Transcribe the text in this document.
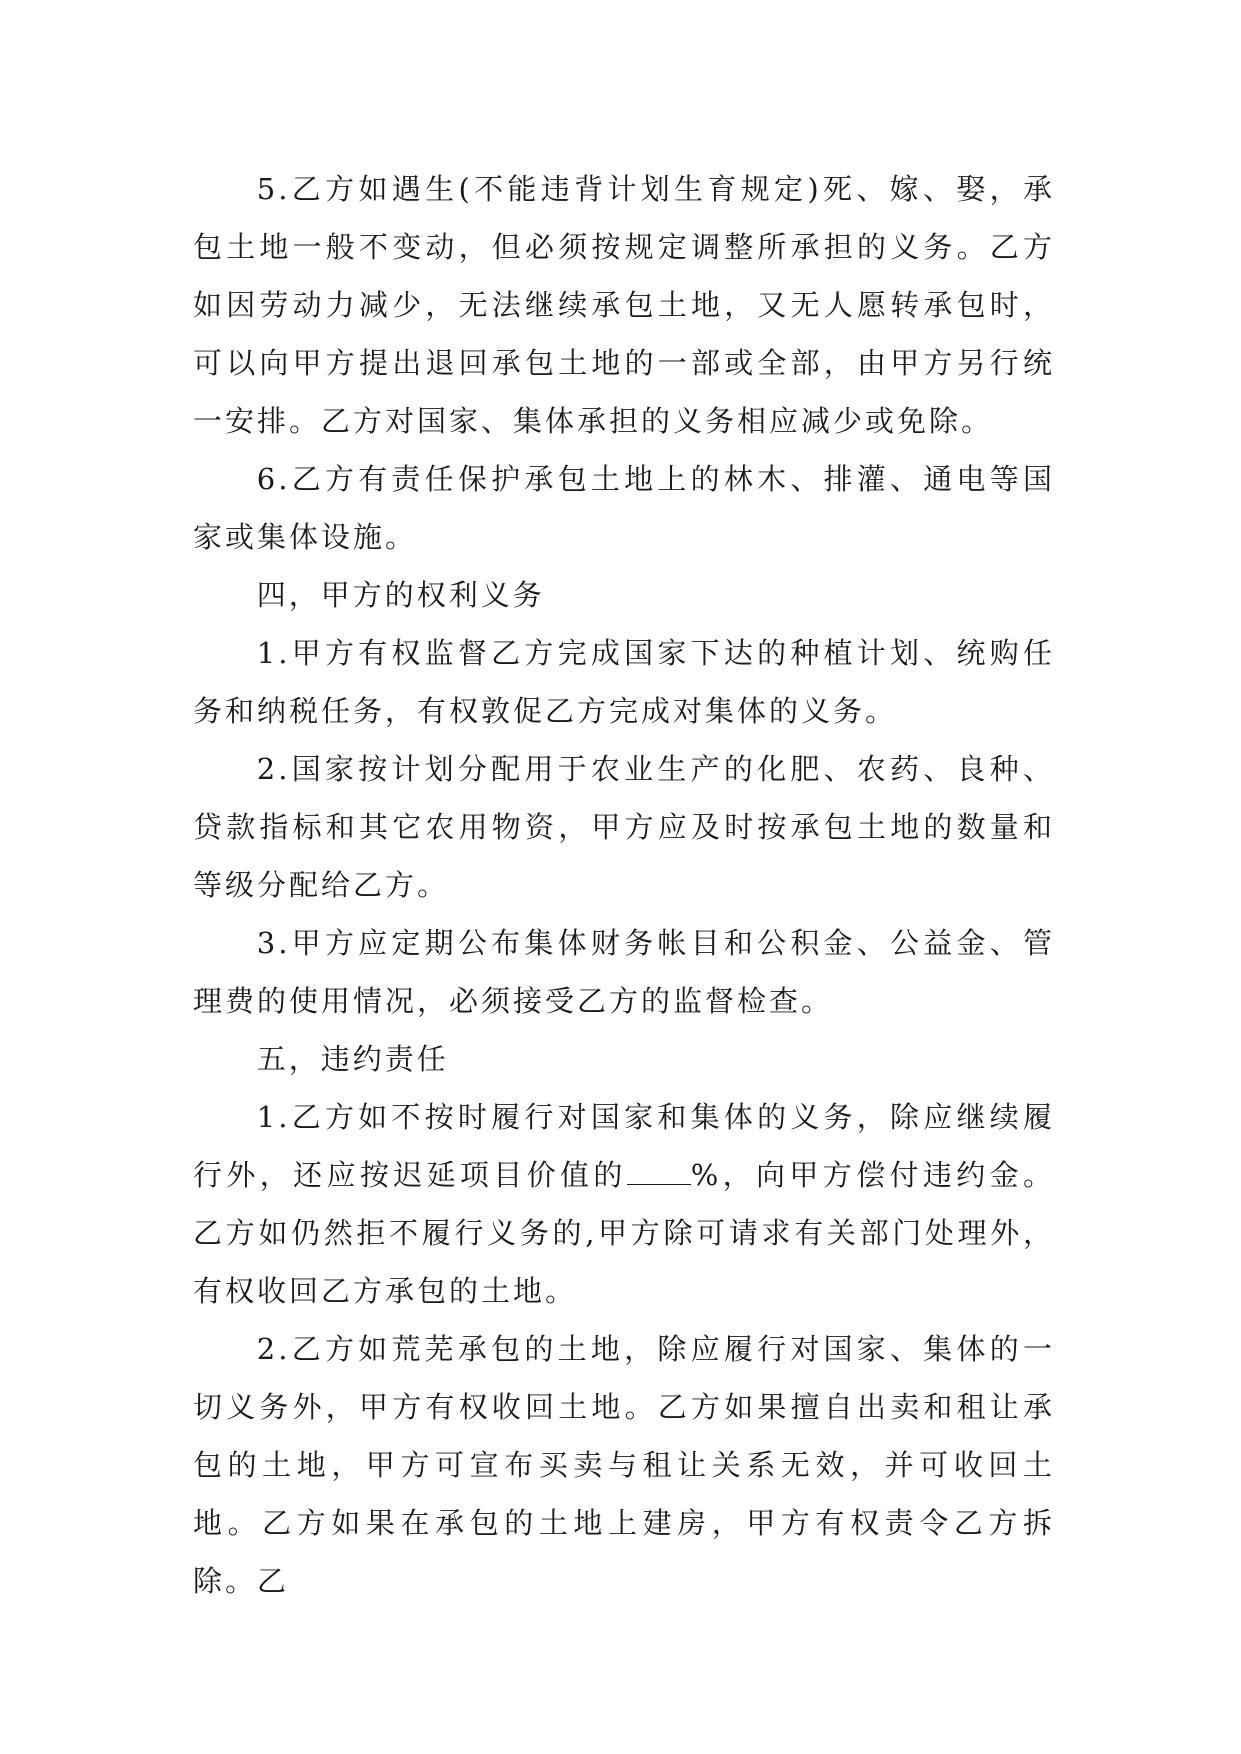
5.乙方如遇生(不能违背计划生育规定)死、嫁、娶，承包土地一般不变动，但必须按规定调整所承担的义务。乙方如因劳动力减少，无法继续承包土地，又无人愿转承包时，可以向甲方提出退回承包土地的一部或全部，由甲方另行统一安排。乙方对国家、集体承担的义务相应减少或免除。

6.乙方有责任保护承包土地上的林木、排灌、通电等国家或集体设施。

四，甲方的权利义务

1.甲方有权监督乙方完成国家下达的种植计划、统购任务和纳税任务，有权敦促乙方完成对集体的义务。

2.国家按计划分配用于农业生产的化肥、农药、良种、贷款指标和其它农用物资，甲方应及时按承包土地的数量和等级分配给乙方。

3.甲方应定期公布集体财务帐目和公积金、公益金、管理费的使用情况，必须接受乙方的监督检查。

五，违约责任

1.乙方如不按时履行对国家和集体的义务，除应继续履行外，还应按迟延项目价值的 %，向甲方偿付违约金。乙方如仍然拒不履行义务的,甲方除可请求有关部门处理外，有权收回乙方承包的土地。

2.乙方如荒芜承包的土地，除应履行对国家、集体的一切义务外，甲方有权收回土地。乙方如果擅自出卖和租让承包的土地，甲方可宣布买卖与租让关系无效，并可收回土地。乙方如果在承包的土地上建房，甲方有权责令乙方拆除。乙
